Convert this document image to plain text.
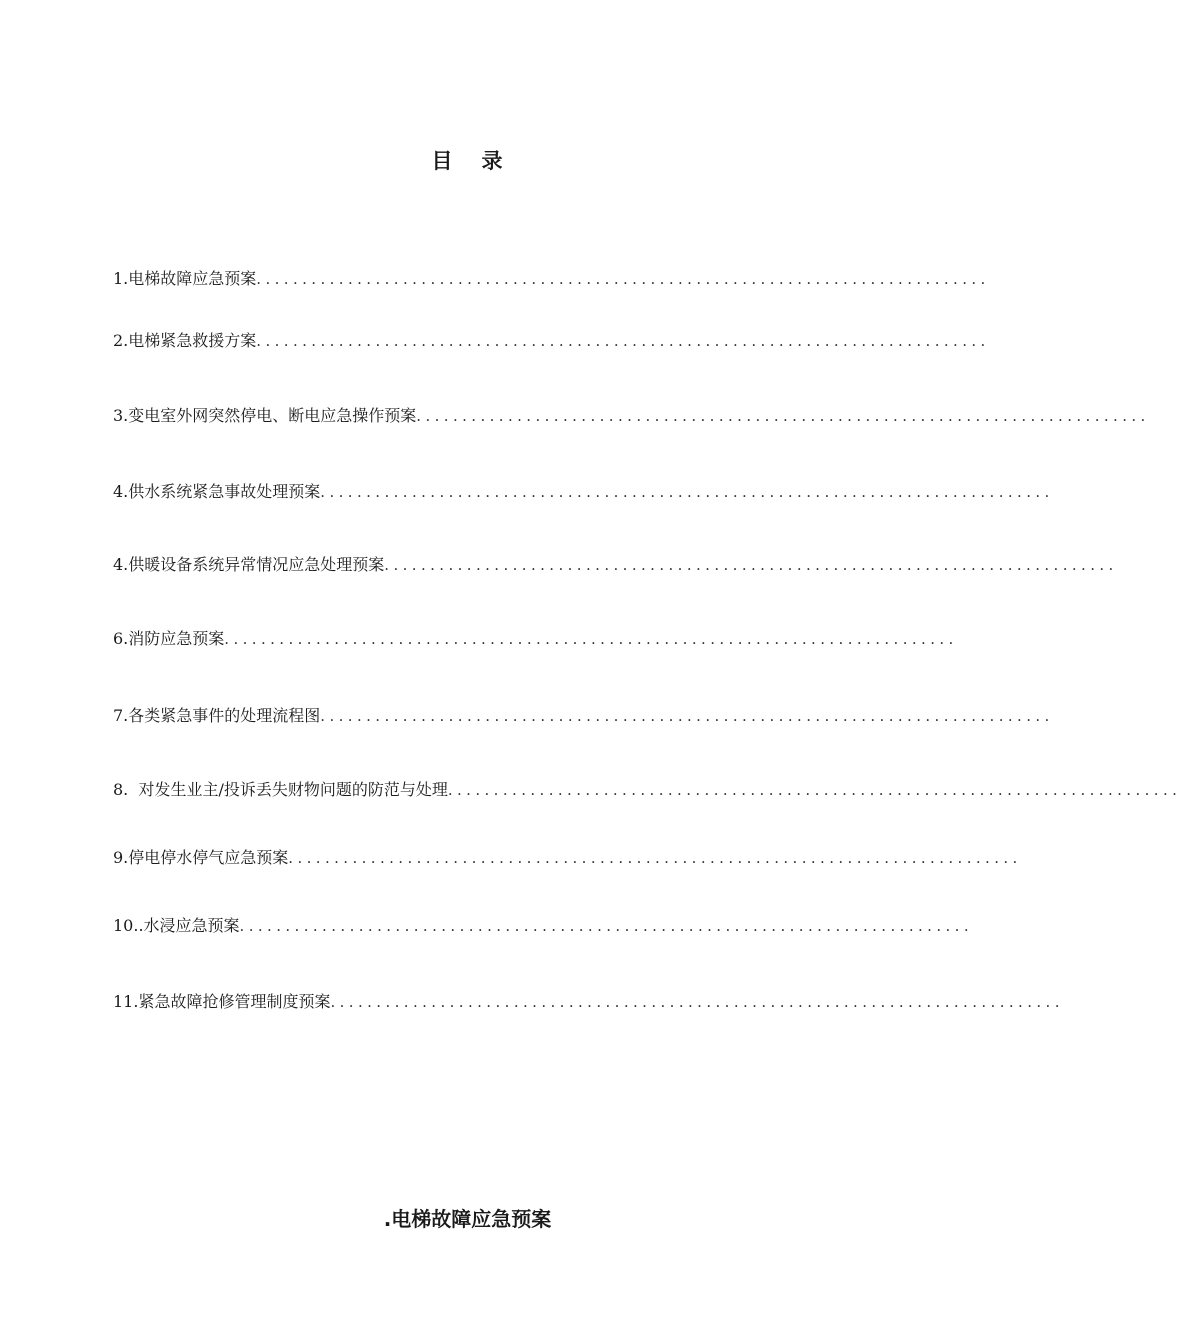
目 录
1.电梯故障应急预案 ................................................................................
2.电梯紧急救援方案 ................................................................................
3.变电室外网突然停电、断电应急操作预案 ................................................................................
4.供水系统紧急事故处理预案 ................................................................................
4.供暖设备系统异常情况应急处理预案 ................................................................................
6.消防应急预案 ................................................................................
7.各类紧急事件的处理流程图 ................................................................................
8.  对发生业主/投诉丢失财物问题的防范与处理 ................................................................................
9.停电停水停气应急预案 ................................................................................
10..水浸应急预案 ................................................................................
11.紧急故障抢修管理制度预案 ................................................................................
.电梯故障应急预案
